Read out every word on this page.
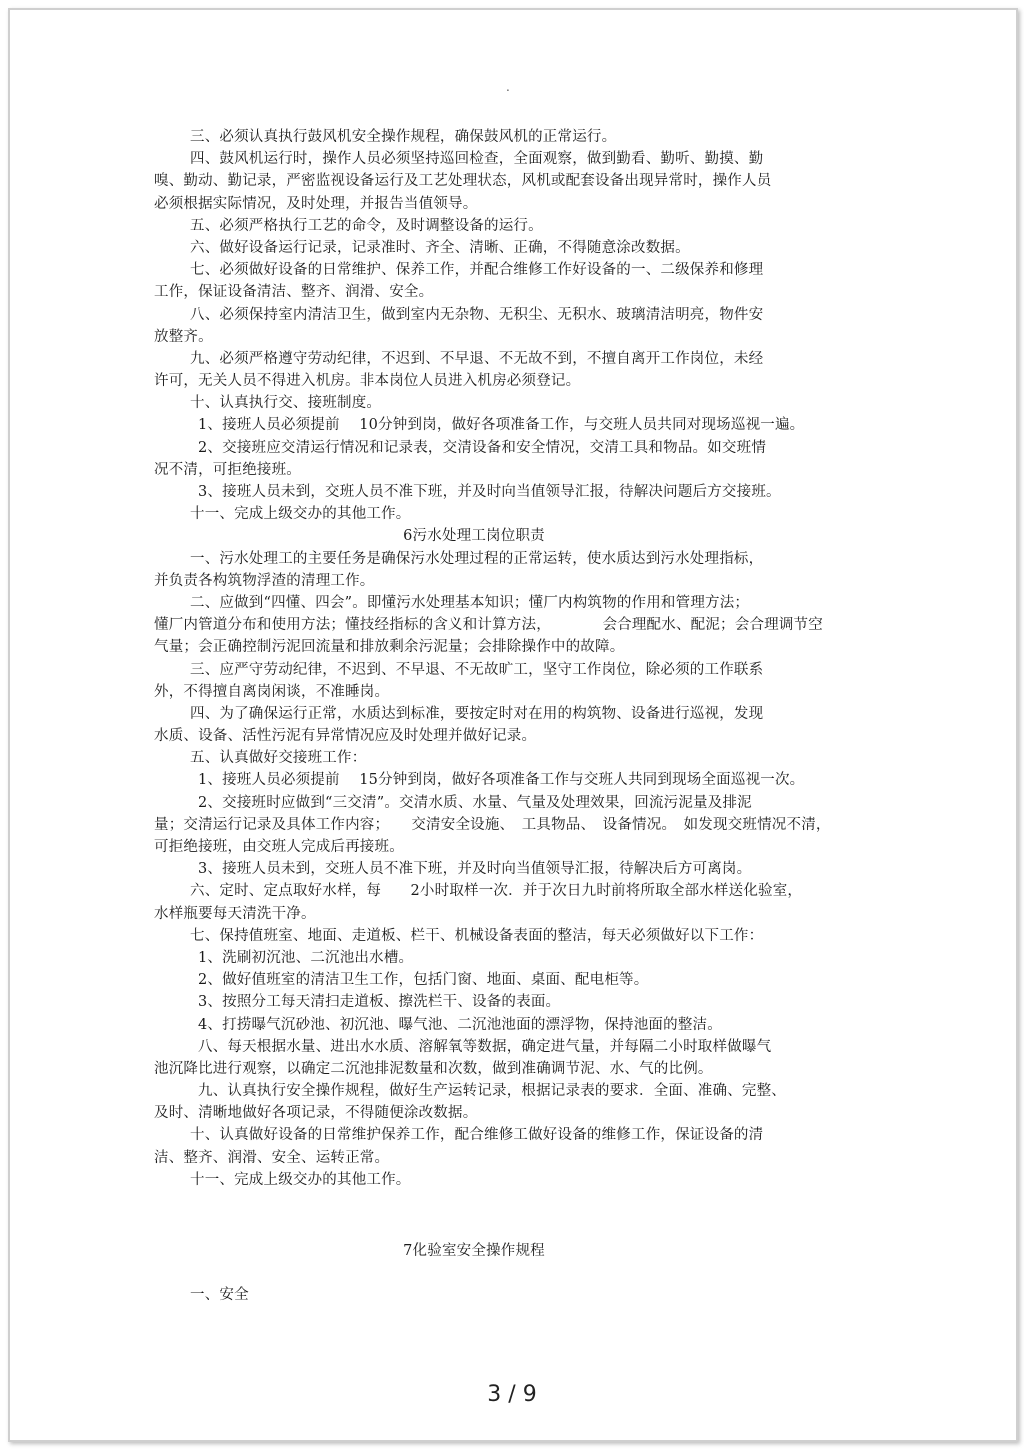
.
三、必须认真执行鼓风机安全操作规程，确保鼓风机的正常运行。
四、鼓风机运行时，操作人员必须坚持巡回检查，全面观察，做到勤看、勤听、勤摸、勤
嗅、勤动、勤记录，严密监视设备运行及工艺处理状态，风机或配套设备出现异常时，操作人员
必须根据实际情况，及时处理，并报告当值领导。
五、必须严格执行工艺的命令，及时调整设备的运行。
六、做好设备运行记录，记录准时、齐全、清晰、正确，不得随意涂改数据。
七、必须做好设备的日常维护、保养工作，并配合维修工作好设备的一、二级保养和修理
工作，保证设备清洁、整齐、润滑、安全。
八、必须保持室内清洁卫生，做到室内无杂物、无积尘、无积水、玻璃清洁明亮，物件安
放整齐。
九、必须严格遵守劳动纪律，不迟到、不早退、不无故不到，不擅自离开工作岗位，未经
许可，无关人员不得进入机房。非本岗位人员进入机房必须登记。
十、认真执行交、接班制度。
1、接班人员必须提前　 10分钟到岗，做好各项准备工作，与交班人员共同对现场巡视一遍。
2、交接班应交清运行情况和记录表，交清设备和安全情况，交清工具和物品。如交班情
况不清，可拒绝接班。
3、接班人员未到，交班人员不准下班，并及时向当值领导汇报，待解决问题后方交接班。
十一、完成上级交办的其他工作。
6污水处理工岗位职责
一、污水处理工的主要任务是确保污水处理过程的正常运转，使水质达到污水处理指标，
并负责各构筑物浮渣的清理工作。
二、应做到“四懂、四会”。即懂污水处理基本知识；懂厂内构筑物的作用和管理方法；
懂厂内管道分布和使用方法；懂技经指标的含义和计算方法，　　　　会合理配水、配泥；会合理调节空
气量；会正确控制污泥回流量和排放剩余污泥量；会排除操作中的故障。
三、应严守劳动纪律，不迟到、不早退、不无故旷工，坚守工作岗位，除必须的工作联系
外，不得擅自离岗闲谈，不准睡岗。
四、为了确保运行正常，水质达到标准，要按定时对在用的构筑物、设备进行巡视，发现
水质、设备、活性污泥有异常情况应及时处理并做好记录。
五、认真做好交接班工作：
1、接班人员必须提前　 15分钟到岗，做好各项准备工作与交班人共同到现场全面巡视一次。
2、交接班时应做到“三交清”。交清水质、水量、气量及处理效果，回流污泥量及排泥
量；交清运行记录及具体工作内容；　　交清安全设施、　工具物品、　设备情况。　如发现交班情况不清，
可拒绝接班，由交班人完成后再接班。
3、接班人员未到，交班人员不准下班，并及时向当值领导汇报，待解决后方可离岗。
六、定时、定点取好水样，每　　2小时取样一次．并于次日九时前将所取全部水样送化验室，
水样瓶要每天清洗干净。
七、保持值班室、地面、走道板、栏干、机械设备表面的整洁，每天必须做好以下工作：
1、洗刷初沉池、二沉池出水槽。
2、做好值班室的清洁卫生工作，包括门窗、地面、桌面、配电柜等。
3、按照分工每天清扫走道板、擦洗栏干、设备的表面。
4、打捞曝气沉砂池、初沉池、曝气池、二沉池池面的漂浮物，保持池面的整洁。
八、每天根据水量、进出水水质、溶解氧等数据，确定进气量，并每隔二小时取样做曝气
池沉降比进行观察，以确定二沉池排泥数量和次数，做到准确调节泥、水、气的比例。
九、认真执行安全操作规程，做好生产运转记录，根据记录表的要求．全面、准确、完整、
及时、清晰地做好各项记录，不得随便涂改数据。
十、认真做好设备的日常维护保养工作，配合维修工做好设备的维修工作，保证设备的清
洁、整齐、润滑、安全、运转正常。
十一、完成上级交办的其他工作。
7化验室安全操作规程
一、安全
3 / 9
